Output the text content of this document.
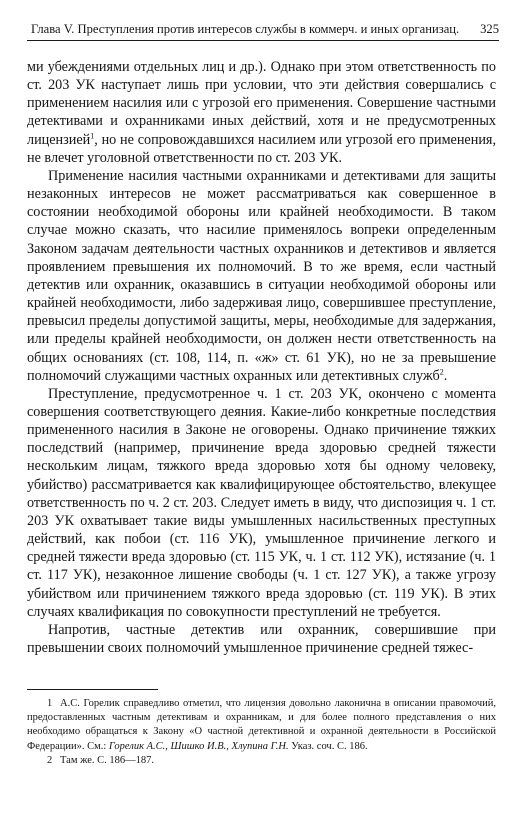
Глава V. Преступления против интересов службы в коммерч. и иных организац. 325

ми убеждениями отдельных лиц и др.). Однако при этом ответственность по ст. 203 УК наступает лишь при условии, что эти действия совершались с применением насилия или с угрозой его применения. Совершение частными детективами и охранниками иных действий, хотя и не предусмотренных лицензией$^1$, но не сопровождавшихся насилием или угрозой его применения, не влечет уголовной ответственности по ст. 203 УК.

Применение насилия частными охранниками и детективами для защиты незаконных интересов не может рассматриваться как совершенное в состоянии необходимой обороны или крайней необходимости. В таком случае можно сказать, что насилие применялось вопреки определенным Законом задачам деятельности частных охранников и детективов и является проявлением превышения их полномочий. В то же время, если частный детектив или охранник, оказавшись в ситуации необходимой обороны или крайней необходимости, либо задерживая лицо, совершившее преступление, превысил пределы допустимой защиты, меры, необходимые для задержания, или пределы крайней необходимости, он должен нести ответственность на общих основаниях (ст. 108, 114, п. «ж» ст. 61 УК), но не за превышение полномочий служащими частных охранных или детективных служб$^2$.

Преступление, предусмотренное ч. 1 ст. 203 УК, окончено с момента совершения соответствующего деяния. Какие-либо конкретные последствия примененного насилия в Законе не оговорены. Однако причинение тяжких последствий (например, причинение вреда здоровью средней тяжести нескольким лицам, тяжкого вреда здоровью хотя бы одному человеку, убийство) рассматривается как квалифицирующее обстоятельство, влекущее ответственность по ч. 2 ст. 203. Следует иметь в виду, что диспозиция ч. 1 ст. 203 УК охватывает такие виды умышленных насильственных преступных действий, как побои (ст. 116 УК), умышленное причинение легкого и средней тяжести вреда здоровью (ст. 115 УК, ч. 1 ст. 112 УК), истязание (ч. 1 ст. 117 УК), незаконное лишение свободы (ч. 1 ст. 127 УК), а также угрозу убийством или причинением тяжкого вреда здоровью (ст. 119 УК). В этих случаях квалификация по совокупности преступлений не требуется.

Напротив, частные детектив или охранник, совершившие при превышении своих полномочий умышленное причинение средней тяжес-

1 А.С. Горелик справедливо отметил, что лицензия довольно лаконична в описании правомочий, предоставленных частным детективам и охранникам, и для более полного представления о них необходимо обращаться к Закону «О частной детективной и охранной деятельности в Российской Федерации». См.: Горелик А.С., Шишко И.В., Хлупина Г.Н. Указ. соч. С. 186.

2 Там же. С. 186—187.
